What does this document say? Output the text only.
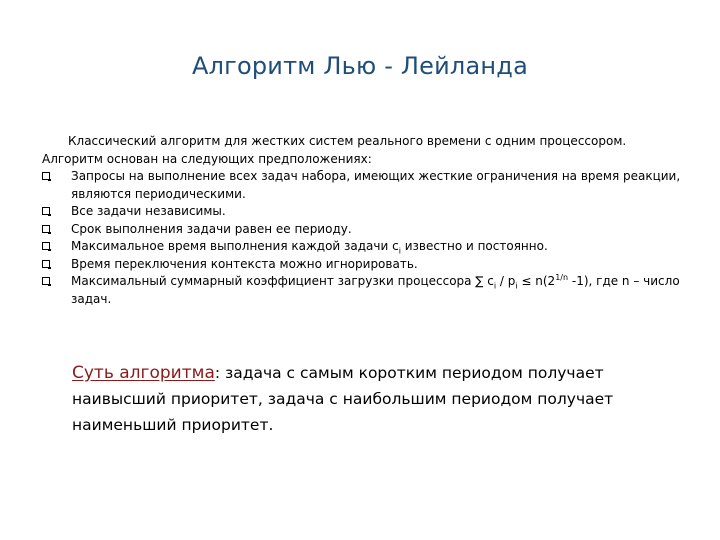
Алгоритм Лью - Лейланда

Классический алгоритм для жестких систем реального времени с одним процессором.

Алгоритм основан на следующих предположениях:

Запросы на выполнение всех задач набора, имеющих жесткие ограничения на время реакции, являются периодическими.
Все задачи независимы.
Срок выполнения задачи равен ее периоду.
Максимальное время выполнения каждой задачи $c_i$ известно и постоянно.
Время переключения контекста можно игнорировать.
Максимальный суммарный коэффициент загрузки процессора ∑ $c_i / p_i \le n(2^{1/n}$ -1), где n – число задач.

Суть алгоритма: задача с самым коротким периодом получает

наивысший приоритет, задача с наибольшим периодом получает

наименьший приоритет.
